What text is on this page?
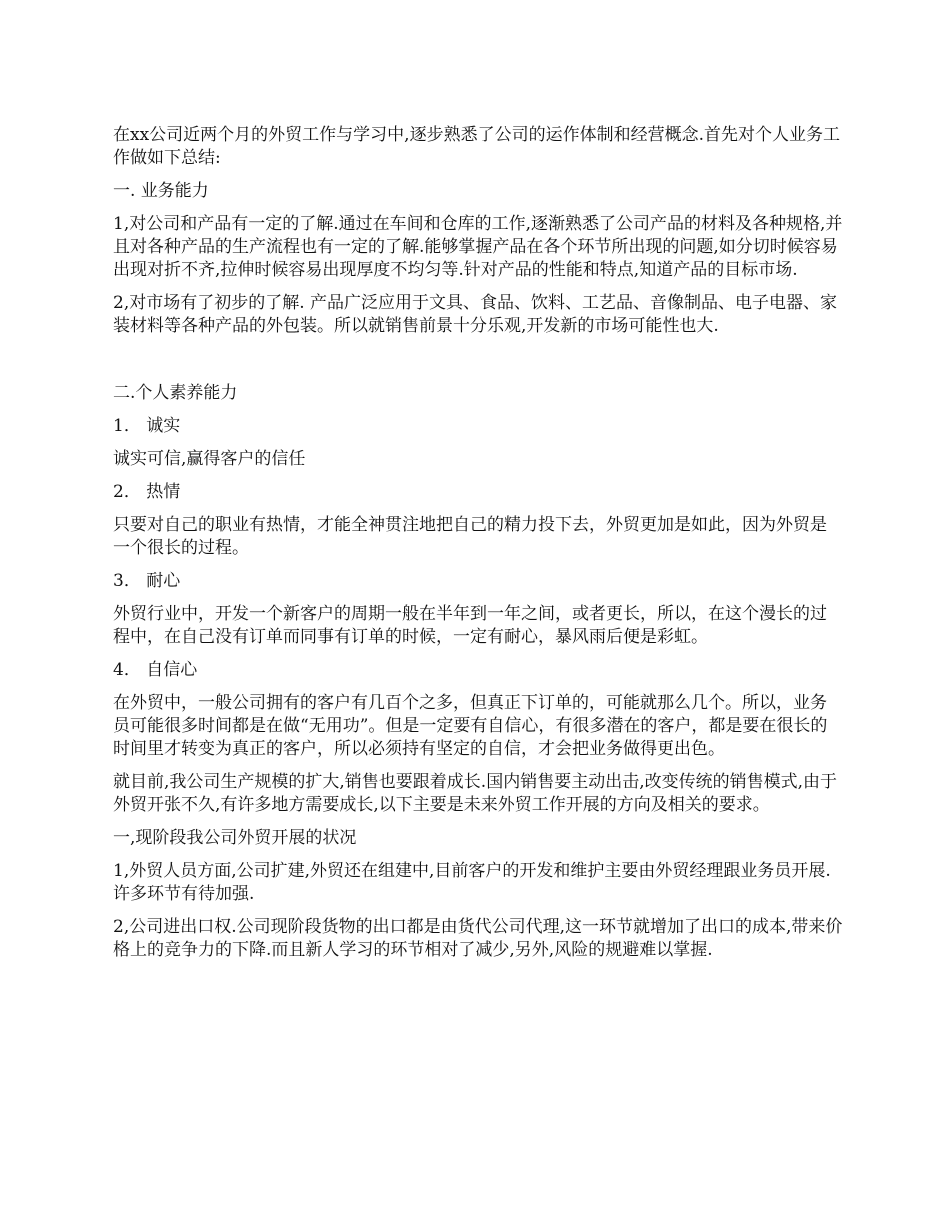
在xx公司近两个月的外贸工作与学习中,逐步熟悉了公司的运作体制和经营概念.首先对个人业务工作做如下总结:

一. 业务能力

1,对公司和产品有一定的了解.通过在车间和仓库的工作,逐渐熟悉了公司产品的材料及各种规格,并且对各种产品的生产流程也有一定的了解.能够掌握产品在各个环节所出现的问题,如分切时候容易出现对折不齐,拉伸时候容易出现厚度不均匀等.针对产品的性能和特点,知道产品的目标市场.

2,对市场有了初步的了解. 产品广泛应用于文具、食品、饮料、工艺品、音像制品、电子电器、家装材料等各种产品的外包装。所以就销售前景十分乐观,开发新的市场可能性也大.

二.个人素养能力

1． 诚实

诚实可信,赢得客户的信任

2． 热情

只要对自己的职业有热情，才能全神贯注地把自己的精力投下去，外贸更加是如此，因为外贸是一个很长的过程。

3． 耐心

外贸行业中，开发一个新客户的周期一般在半年到一年之间，或者更长，所以，在这个漫长的过程中，在自己没有订单而同事有订单的时候，一定有耐心，暴风雨后便是彩虹。

4． 自信心

在外贸中，一般公司拥有的客户有几百个之多，但真正下订单的，可能就那么几个。所以，业务员可能很多时间都是在做“无用功”。但是一定要有自信心，有很多潜在的客户，都是要在很长的时间里才转变为真正的客户，所以必须持有坚定的自信，才会把业务做得更出色。

就目前,我公司生产规模的扩大,销售也要跟着成长.国内销售要主动出击,改变传统的销售模式,由于外贸开张不久,有许多地方需要成长,以下主要是未来外贸工作开展的方向及相关的要求。

一,现阶段我公司外贸开展的状况

1,外贸人员方面,公司扩建,外贸还在组建中,目前客户的开发和维护主要由外贸经理跟业务员开展.许多环节有待加强.

2,公司进出口权.公司现阶段货物的出口都是由货代公司代理,这一环节就增加了出口的成本,带来价格上的竞争力的下降.而且新人学习的环节相对了减少,另外,风险的规避难以掌握.
